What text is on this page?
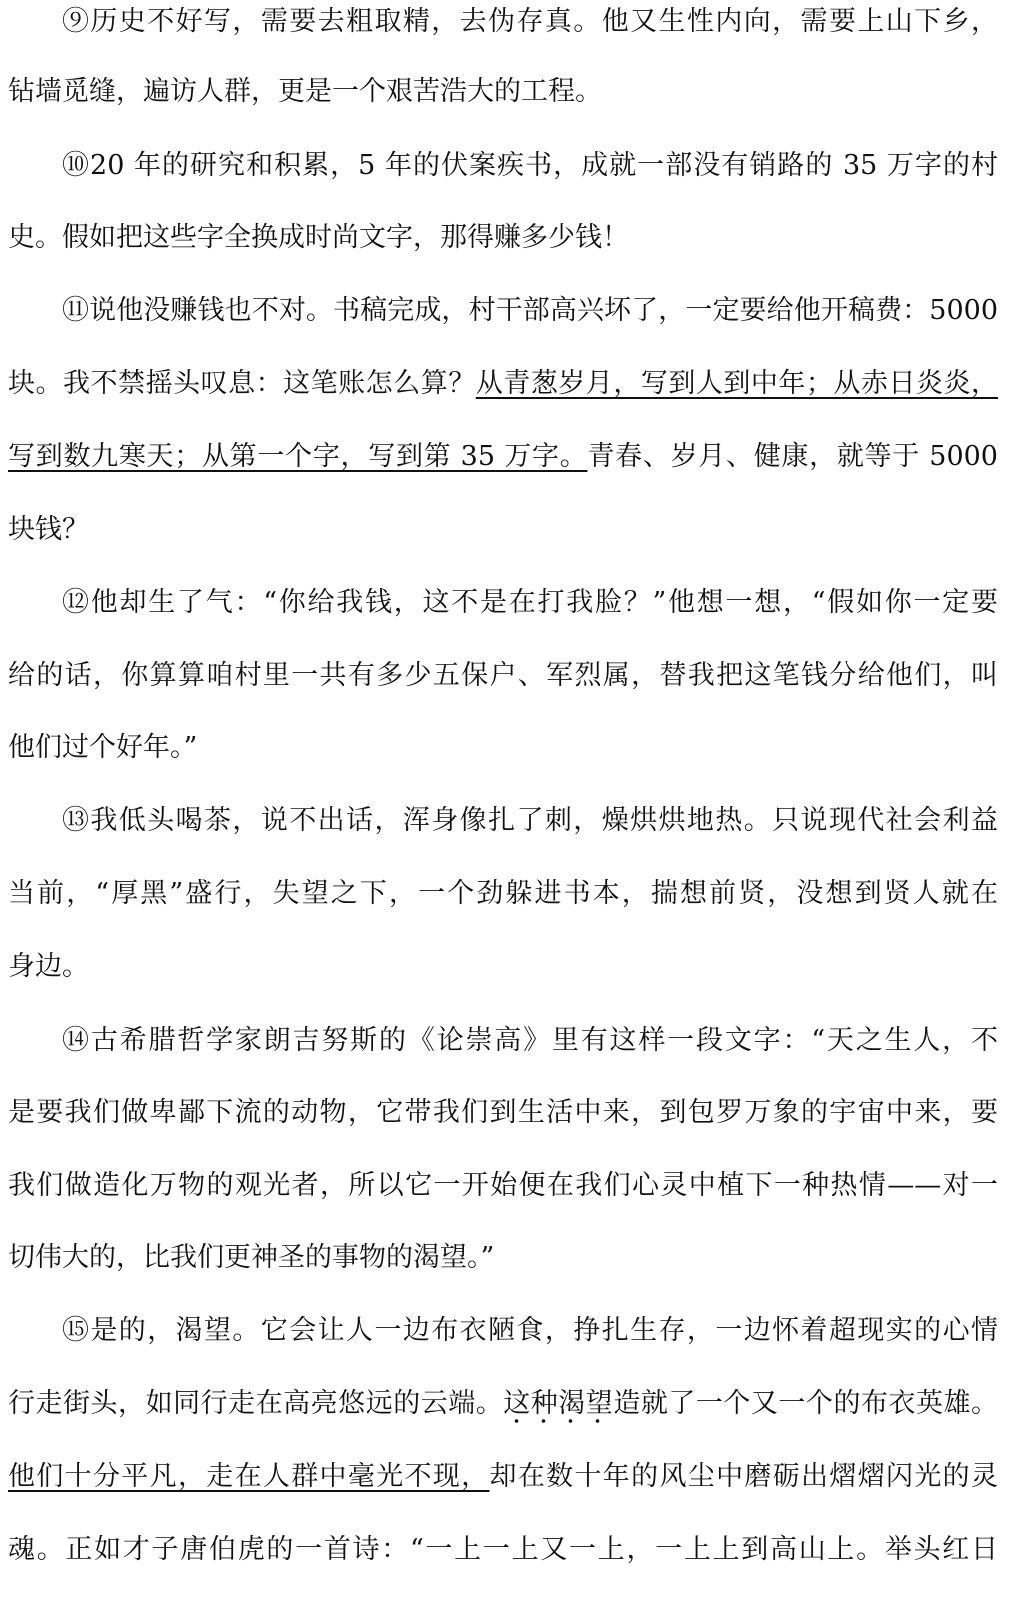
⑨历史不好写，需要去粗取精，去伪存真。他又生性内向，需要上山下乡，
钻墙觅缝，遍访人群，更是一个艰苦浩大的工程。
⑩20 年的研究和积累，5 年的伏案疾书，成就一部没有销路的 35 万字的村
史。假如把这些字全换成时尚文字，那得赚多少钱！
⑪说他没赚钱也不对。书稿完成，村干部高兴坏了，一定要给他开稿费：5000
块。我不禁摇头叹息：这笔账怎么算？从青葱岁月，写到人到中年；从赤日炎炎，
写到数九寒天；从第一个字，写到第 35 万字。青春、岁月、健康，就等于 5000
块钱？
⑫他却生了气：“你给我钱，这不是在打我脸？”他想一想，“假如你一定要
给的话，你算算咱村里一共有多少五保户、军烈属，替我把这笔钱分给他们，叫
他们过个好年。”
⑬我低头喝茶，说不出话，浑身像扎了刺，燥烘烘地热。只说现代社会利益
当前，“厚黑”盛行，失望之下，一个劲躲进书本，揣想前贤，没想到贤人就在
身边。
⑭古希腊哲学家朗吉努斯的《论崇高》里有这样一段文字：“天之生人，不
是要我们做卑鄙下流的动物，它带我们到生活中来，到包罗万象的宇宙中来，要
我们做造化万物的观光者，所以它一开始便在我们心灵中植下一种热情——对一
切伟大的，比我们更神圣的事物的渴望。”
⑮是的，渴望。它会让人一边布衣陋食，挣扎生存，一边怀着超现实的心情
行走街头，如同行走在高亮悠远的云端。这种渴望造就了一个又一个的布衣英雄。
他们十分平凡，走在人群中毫光不现，却在数十年的风尘中磨砺出熠熠闪光的灵
魂。正如才子唐伯虎的一首诗：“一上一上又一上，一上上到高山上。举头红日
